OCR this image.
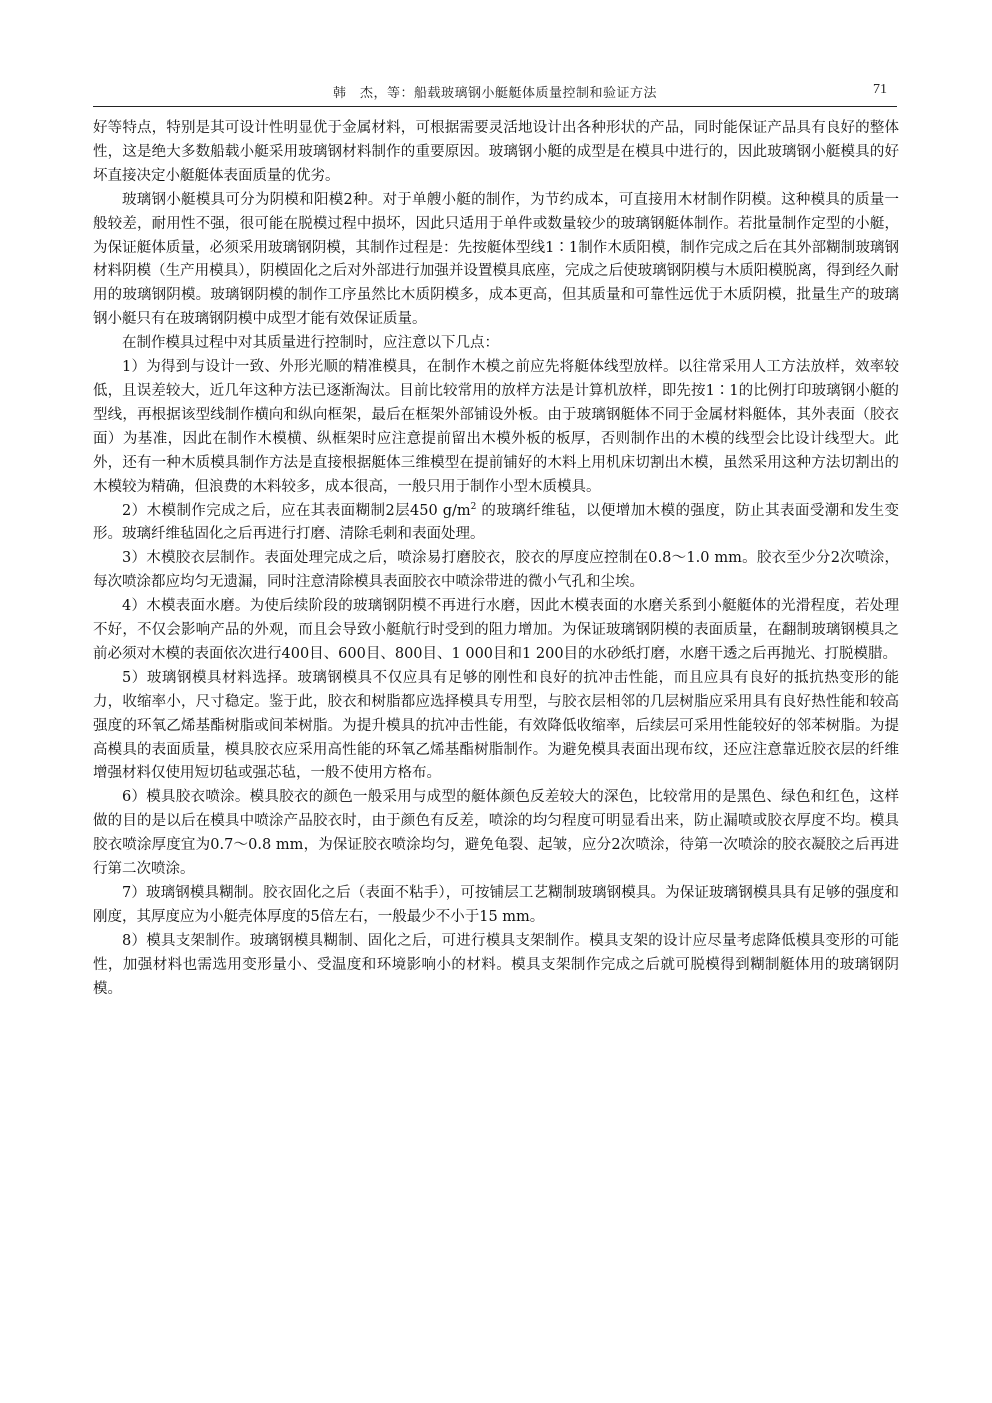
韩　杰，等：船载玻璃钢小艇艇体质量控制和验证方法	71

好等特点，特别是其可设计性明显优于金属材料，可根据需要灵活地设计出各种形状的产品，同时能保证产品具有良好的整体性，这是绝大多数船载小艇采用玻璃钢材料制作的重要原因。玻璃钢小艇的成型是在模具中进行的，因此玻璃钢小艇模具的好坏直接决定小艇艇体表面质量的优劣。

玻璃钢小艇模具可分为阴模和阳模2种。对于单艘小艇的制作，为节约成本，可直接用木材制作阴模。这种模具的质量一般较差，耐用性不强，很可能在脱模过程中损坏，因此只适用于单件或数量较少的玻璃钢艇体制作。若批量制作定型的小艇，为保证艇体质量，必须采用玻璃钢阴模，其制作过程是：先按艇体型线1∶1制作木质阳模，制作完成之后在其外部糊制玻璃钢材料阴模（生产用模具），阴模固化之后对外部进行加强并设置模具底座，完成之后使玻璃钢阴模与木质阳模脱离，得到经久耐用的玻璃钢阴模。玻璃钢阴模的制作工序虽然比木质阴模多，成本更高，但其质量和可靠性远优于木质阴模，批量生产的玻璃钢小艇只有在玻璃钢阴模中成型才能有效保证质量。

在制作模具过程中对其质量进行控制时，应注意以下几点：

1）为得到与设计一致、外形光顺的精准模具，在制作木模之前应先将艇体线型放样。以往常采用人工方法放样，效率较低，且误差较大，近几年这种方法已逐渐淘汰。目前比较常用的放样方法是计算机放样，即先按1∶1的比例打印玻璃钢小艇的型线，再根据该型线制作横向和纵向框架，最后在框架外部铺设外板。由于玻璃钢艇体不同于金属材料艇体，其外表面（胶衣面）为基准，因此在制作木模横、纵框架时应注意提前留出木模外板的板厚，否则制作出的木模的线型会比设计线型大。此外，还有一种木质模具制作方法是直接根据艇体三维模型在提前铺好的木料上用机床切割出木模，虽然采用这种方法切割出的木模较为精确，但浪费的木料较多，成本很高，一般只用于制作小型木质模具。

2）木模制作完成之后，应在其表面糊制2层450 $g/m^2$ 的玻璃纤维毡，以便增加木模的强度，防止其表面受潮和发生变形。玻璃纤维毡固化之后再进行打磨、清除毛刺和表面处理。

3）木模胶衣层制作。表面处理完成之后，喷涂易打磨胶衣，胶衣的厚度应控制在0.8～1.0 mm。胶衣至少分2次喷涂，每次喷涂都应均匀无遗漏，同时注意清除模具表面胶衣中喷涂带进的微小气孔和尘埃。

4）木模表面水磨。为使后续阶段的玻璃钢阴模不再进行水磨，因此木模表面的水磨关系到小艇艇体的光滑程度，若处理不好，不仅会影响产品的外观，而且会导致小艇航行时受到的阻力增加。为保证玻璃钢阴模的表面质量，在翻制玻璃钢模具之前必须对木模的表面依次进行400目、600目、800目、1 000目和1 200目的水砂纸打磨，水磨干透之后再抛光、打脱模腊。

5）玻璃钢模具材料选择。玻璃钢模具不仅应具有足够的刚性和良好的抗冲击性能，而且应具有良好的抵抗热变形的能力，收缩率小，尺寸稳定。鉴于此，胶衣和树脂都应选择模具专用型，与胶衣层相邻的几层树脂应采用具有良好热性能和较高强度的环氧乙烯基酯树脂或间苯树脂。为提升模具的抗冲击性能，有效降低收缩率，后续层可采用性能较好的邻苯树脂。为提高模具的表面质量，模具胶衣应采用高性能的环氧乙烯基酯树脂制作。为避免模具表面出现布纹，还应注意靠近胶衣层的纤维增强材料仅使用短切毡或强芯毡，一般不使用方格布。

6）模具胶衣喷涂。模具胶衣的颜色一般采用与成型的艇体颜色反差较大的深色，比较常用的是黑色、绿色和红色，这样做的目的是以后在模具中喷涂产品胶衣时，由于颜色有反差，喷涂的均匀程度可明显看出来，防止漏喷或胶衣厚度不均。模具胶衣喷涂厚度宜为0.7～0.8 mm，为保证胶衣喷涂均匀，避免龟裂、起皱，应分2次喷涂，待第一次喷涂的胶衣凝胶之后再进行第二次喷涂。

7）玻璃钢模具糊制。胶衣固化之后（表面不粘手），可按铺层工艺糊制玻璃钢模具。为保证玻璃钢模具具有足够的强度和刚度，其厚度应为小艇壳体厚度的5倍左右，一般最少不小于15 mm。

8）模具支架制作。玻璃钢模具糊制、固化之后，可进行模具支架制作。模具支架的设计应尽量考虑降低模具变形的可能性，加强材料也需选用变形量小、受温度和环境影响小的材料。模具支架制作完成之后就可脱模得到糊制艇体用的玻璃钢阴模。
